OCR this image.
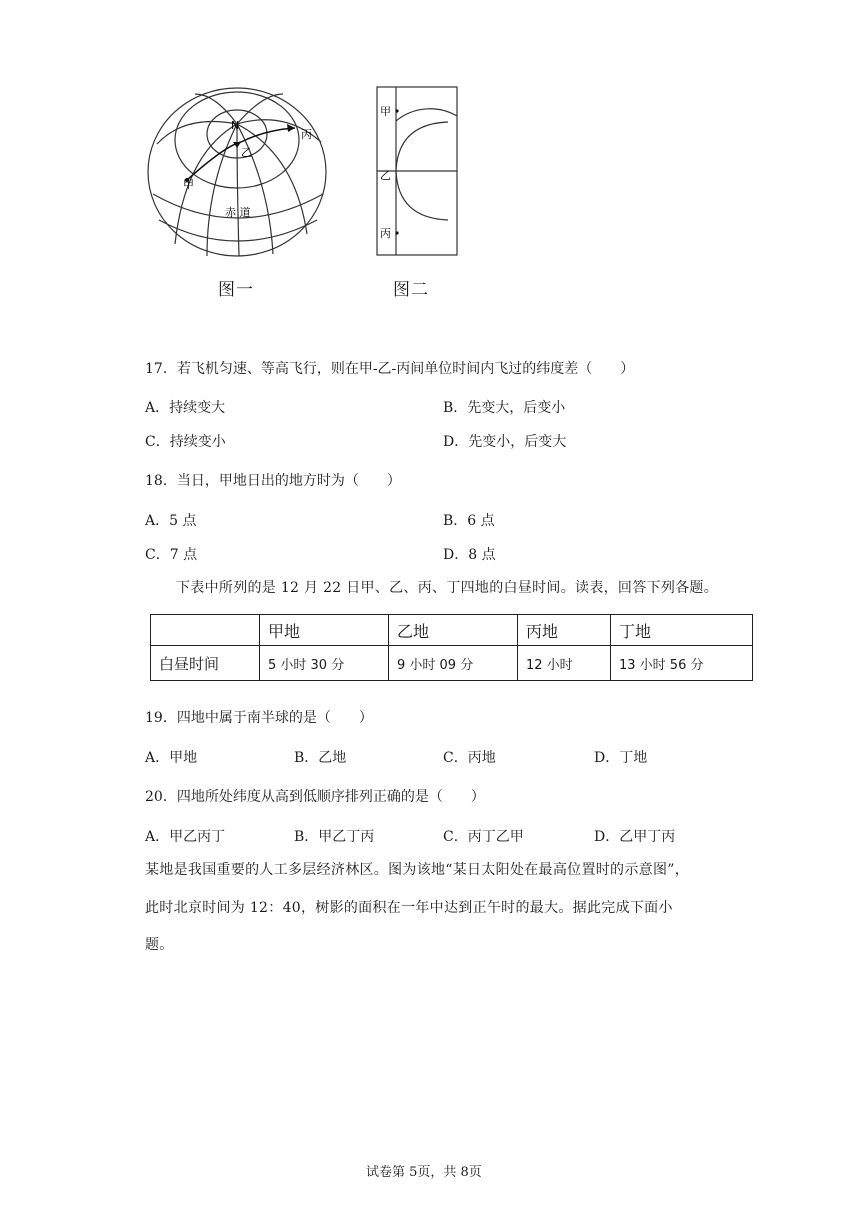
N
乙
丙
甲
赤 道
甲
乙
丙
图一	图二
17．若飞机匀速、等高飞行，则在甲-乙-丙间单位时间内飞过的纬度差（　　）
A．持续变大	B．先变大，后变小
C．持续变小	D．先变小，后变大
18．当日，甲地日出的地方时为（　　）
A．5 点	B．6 点
C．7 点	D．8 点
下表中所列的是 12 月 22 日甲、乙、丙、丁四地的白昼时间。读表，回答下列各题。
	甲地	乙地	丙地	丁地
白昼时间	5 小时 30 分	9 小时 09 分	12 小时	13 小时 56 分
19．四地中属于南半球的是（　　）
A．甲地	B．乙地	C．丙地	D．丁地
20．四地所处纬度从高到低顺序排列正确的是（　　）
A．甲乙丙丁	B．甲乙丁丙	C．丙丁乙甲	D．乙甲丁丙
某地是我国重要的人工多层经济林区。图为该地“某日太阳处在最高位置时的示意图”，
此时北京时间为 12：40，树影的面积在一年中达到正午时的最大。据此完成下面小
题。
试卷第 5页，共 8页
